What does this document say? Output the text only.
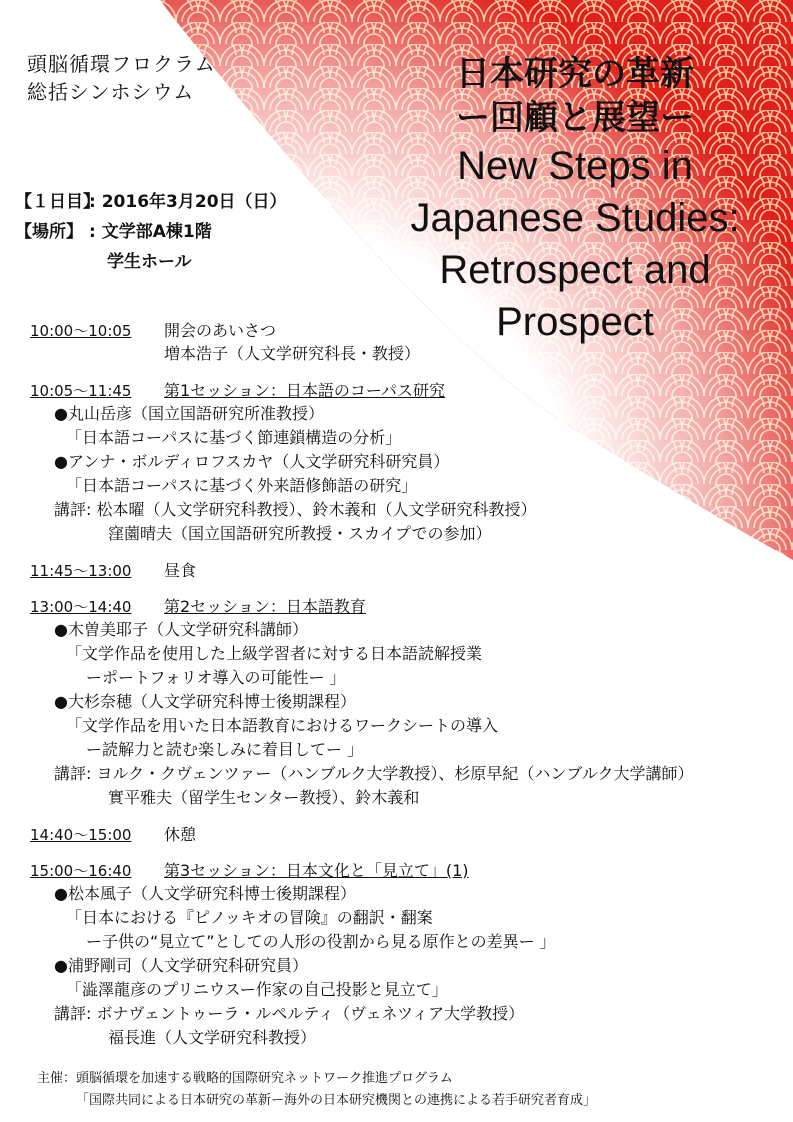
頭脳循環フロクラム
総括シンホシウム	日本研究の革新
ー回顧と展望ー
New Steps in
Japanese Studies:
Retrospect and
Prospect
【１日目】
: 2016年3月20日（日）
【場所】 : 文学部A棟1階
学生ホール
10:00〜10:05	開会のあいさつ
増本浩子（人文学研究科長・教授）
10:05〜11:45	第1セッション：日本語のコーパス研究
●丸山岳彦（国立国語研究所准教授）
「日本語コーパスに基づく節連鎖構造の分析」
●アンナ・ボルディロフスカヤ（人文学研究科研究員）
「日本語コーパスに基づく外来語修飾語の研究」
講評: 松本曜（人文学研究科教授）、鈴木義和（人文学研究科教授）
窪薗晴夫（国立国語研究所教授・スカイプでの参加）
11:45〜13:00	昼食
13:00〜14:40	第2セッション：日本語教育
●木曽美耶子（人文学研究科講師）
「文学作品を使用した上級学習者に対する日本語読解授業
ーポートフォリオ導入の可能性ー 」
●大杉奈穂（人文学研究科博士後期課程）
「文学作品を用いた日本語教育におけるワークシートの導入
ー読解力と読む楽しみに着目してー 」
講評: ヨルク・クヴェンツァー（ハンブルク大学教授）、杉原早紀（ハンブルク大学講師）
實平雅夫（留学生センター教授）、鈴木義和
14:40〜15:00	休憩
15:00〜16:40	第3セッション：日本文化と「見立て」(1)
●松本風子（人文学研究科博士後期課程）
「日本における『ピノッキオの冒険』の翻訳・翻案
ー子供の“見立て”としての人形の役割から見る原作との差異ー 」
●浦野剛司（人文学研究科研究員）
「澁澤龍彦のプリニウスー作家の自己投影と見立て」
講評: ボナヴェントゥーラ・ルペルティ（ヴェネツィア大学教授）
福長進（人文学研究科教授）
主催：頭脳循環を加速する戦略的国際研究ネットワーク推進プログラム
「国際共同による日本研究の革新ー海外の日本研究機関との連携による若手研究者育成」
